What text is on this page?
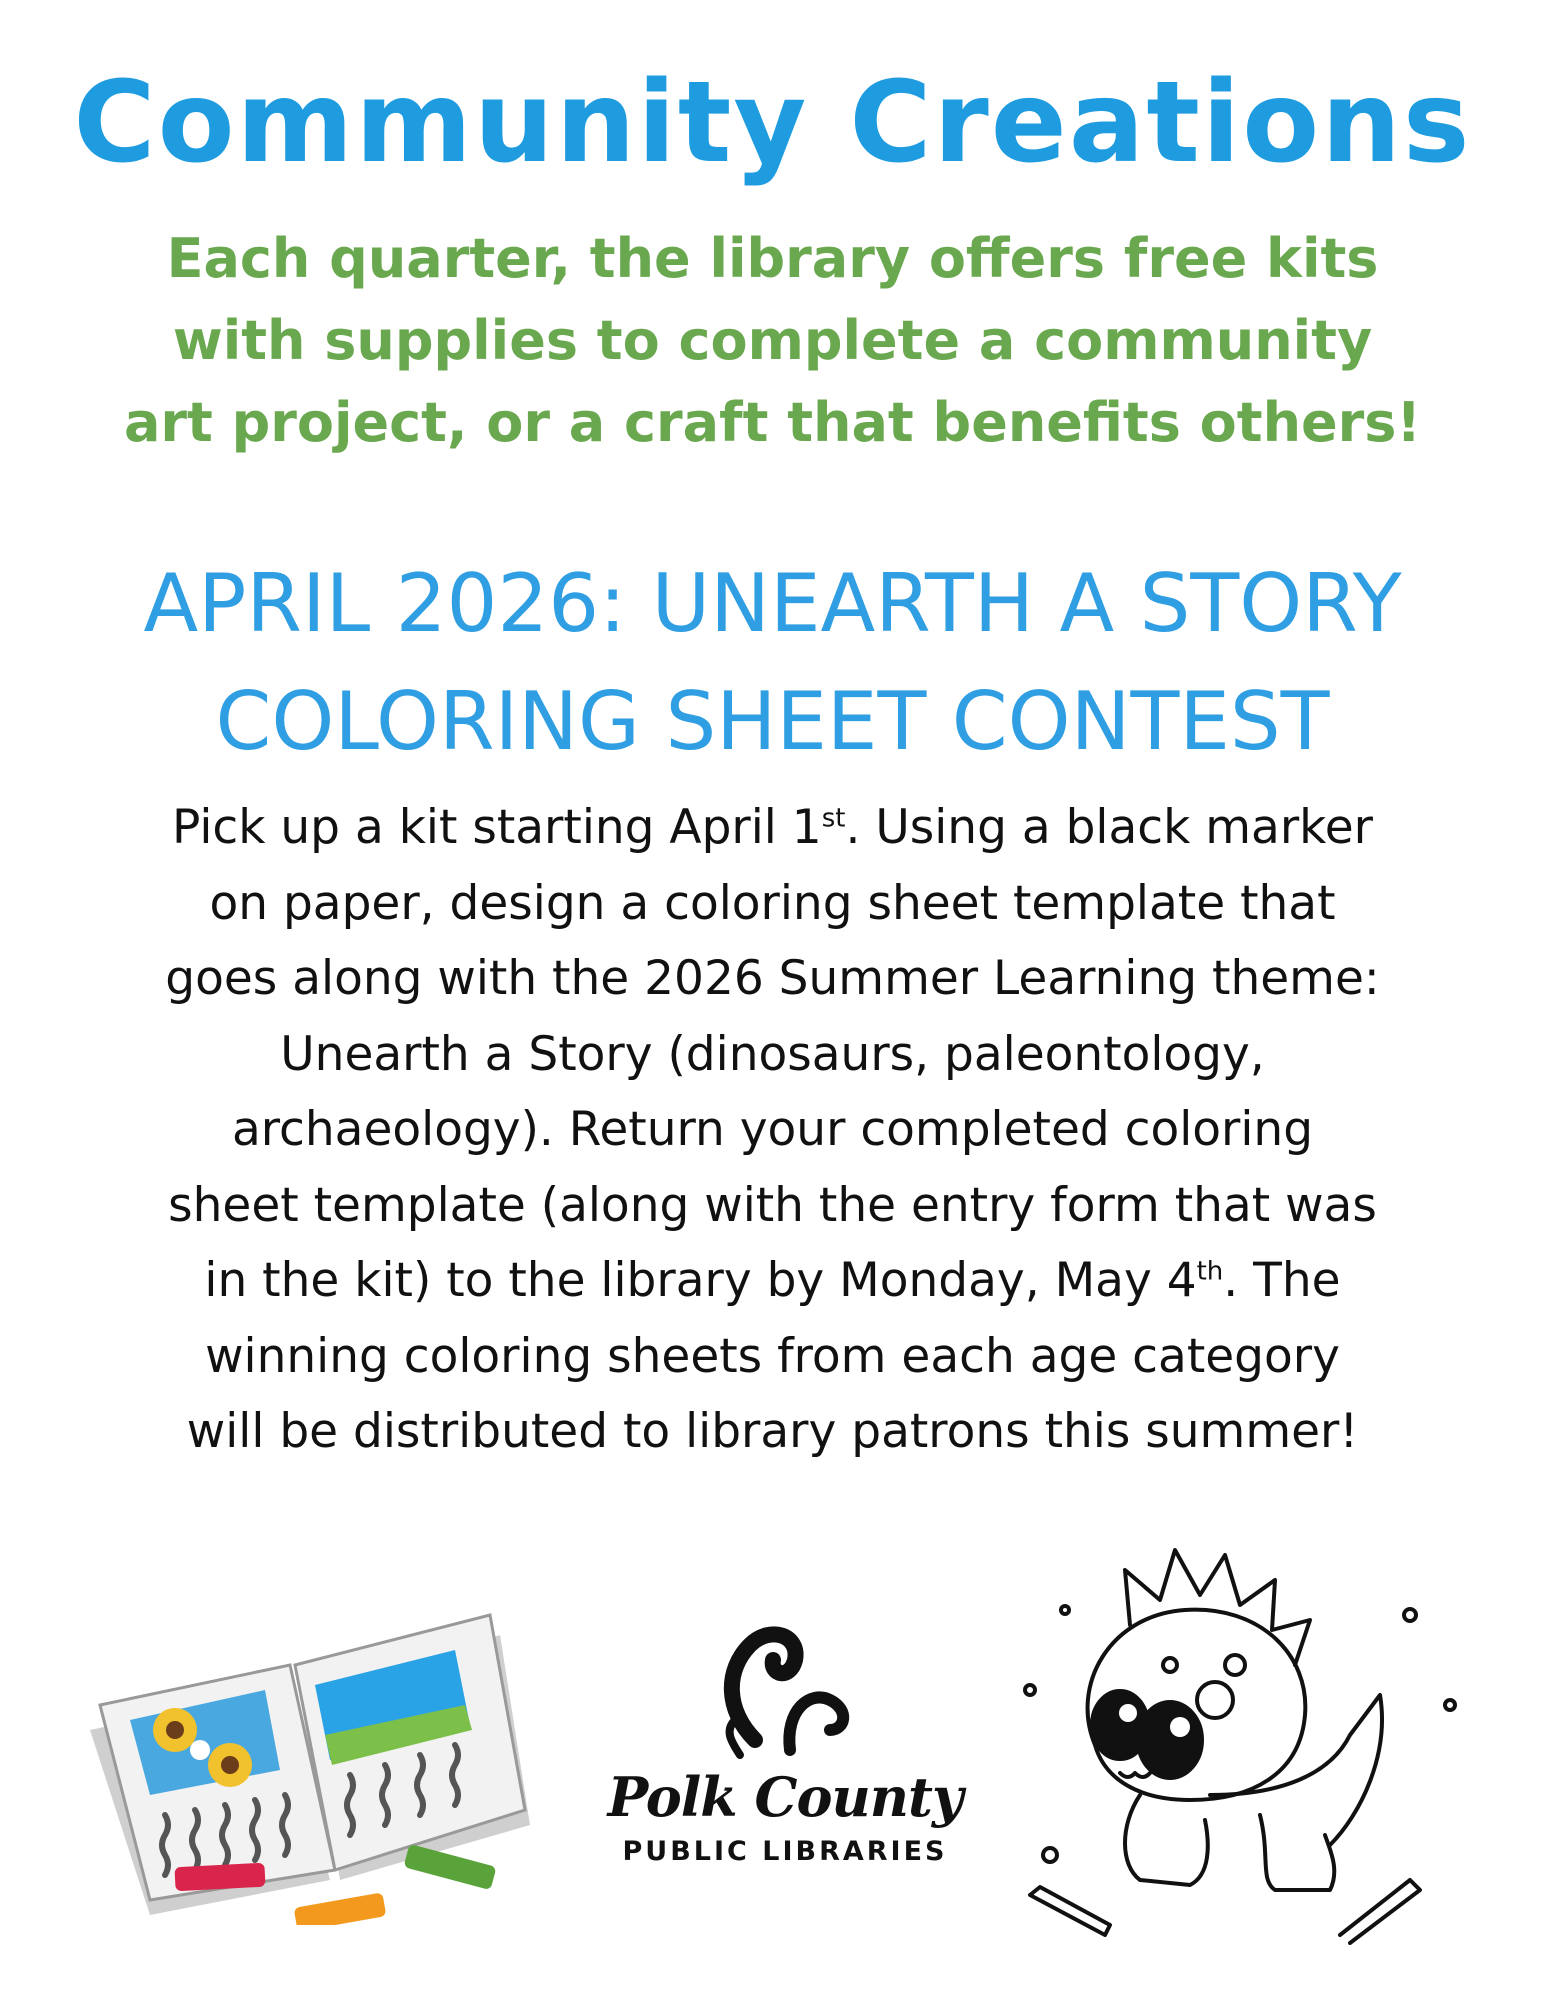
Community Creations
Each quarter, the library offers free kits
with supplies to complete a community
art project, or a craft that benefits others!
APRIL 2026: UNEARTH A STORY
COLORING SHEET CONTEST
Pick up a kit starting April 1st. Using a black marker
on paper, design a coloring sheet template that
goes along with the 2026 Summer Learning theme:
Unearth a Story (dinosaurs, paleontology,
archaeology). Return your completed coloring
sheet template (along with the entry form that was
in the kit) to the library by Monday, May 4th. The
winning coloring sheets from each age category
will be distributed to library patrons this summer!
Polk County
PUBLIC LIBRARIES
